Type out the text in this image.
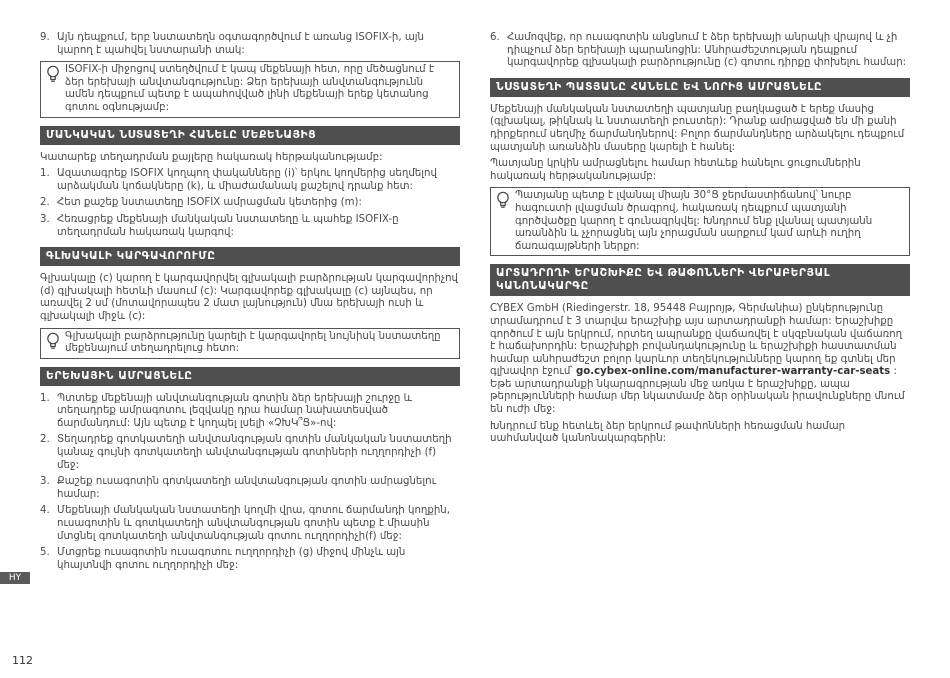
9. Այն դեպքում, երբ նստատեղն օգտագործվում է առանց ISOFIX-ի, այն կարող է պահվել նստարանի տակ:
ISOFIX-ի միջոցով ստեղծվում է կապ մեքենայի հետ, որը մեծացնում է ձեր երեխայի անվտանգությունը: Ձեր երեխայի անվտանգությունն ամեն դեպքում պետք է ապահովված լինի մեքենայի երեք կետանոց գոտու օգնությամբ:
ՄԱՆԿԱԿԱՆ ՆՍՏԱՏԵՂԻ ՀԱՆԵԼԸ ՄԵՔԵՆԱՅԻՑ
Կատարեք տեղադրման քայլերը հակառակ հերթականությամբ:
1. Ազատագրեք ISOFIX կողպող փականները (i)՝ երկու կողմերից սեղմելով արձակման կոճակները (k), և միաժամանակ քաշելով դրանք հետ:
2. Հետ քաշեք նստատեղը ISOFIX ամրացման կետերից (m):
3. Հեռացրեք մեքենայի մանկական նստատեղը և պահեք ISOFIX-ը տեղադրման հակառակ կարգով:
ԳԼԽԱԿԱԼԻ ԿԱՐԳԱՎՈՐՈՒՄԸ
Գլխակալը (c) կարող է կարգավորվել գլխակալի բարձրության կարգավորիչով (d) գլխակալի հետևի մասում (c): Կարգավորեք գլխակալը (c) այնպես, որ առավել 2 սմ (մոտավորապես 2 մատ լայնություն) մնա երեխայի ուսի և գլխակալի միջև (c):
Գլխակալի բարձրությունը կարելի է կարգավորել նույնիսկ նստատեղը մեքենայում տեղադրելուց հետո:
ԵՐԵԽԱՅԻՆ ԱՄՐԱՑՆԵԼԸ
1. Պտտեք մեքենայի անվտանգության գոտին ձեր երեխայի շուրջը և տեղադրեք ամրագոտու լեզվակը դրա համար նախատեսված ճարմանդում: Այն պետք է կողպել լսելի «ՉԽԿ՞Ց»-ով:
2. Տեղադրեք գոտկատեղի անվտանգության գոտին մանկական նստատեղի կանաչ գույնի գոտկատեղի անվտանգության գոտիների ուղղորդիչի (f) մեջ:
3. Քաշեք ուսագոտին գոտկատեղի անվտանգության գոտին ամրացնելու համար:
4. Մեքենայի մանկական նստատեղի կողմի վրա, գոտու ճարմանդի կողքին, ուսագոտին և գոտկատեղի անվտանգության գոտին պետք է միասին մտցնել գոտկատեղի անվտանգության գոտու ուղղորդիչի(f) մեջ:
5. Մտցրեք ուսագոտին ուսագոտու ուղղորդիչի (g) միջով մինչև այն կհայտնվի գոտու ուղղորդիչի մեջ:
6. Համոզվեք, որ ուսագոտին անցնում է ձեր երեխայի անրակի վրայով և չի դիպչում ձեր երեխայի պարանոցին: Անհրաժեշտության դեպքում կարգավորեք գլխակալի բարձրությունը (c) գոտու դիրքը փոխելու համար:
ՆՍՏԱՏԵՂԻ ՊԱՏՅԱՆԸ ՀԱՆԵԼԸ ԵՎ ՆՈՐԻՑ ԱՄՐԱՑՆԵԼԸ
Մեքենայի մանկական նստատեղի պատյանը բաղկացած է երեք մասից (գլխակալ, թիկնակ և նստատեղի բուստեր): Դրանք ամրացված են մի քանի դիրքերում սեղմիչ ճարմանդներով: Բոլոր ճարմանդները արձակելու դեպքում պատյանի առանձին մասերը կարելի է հանել:
Պատյանը կրկին ամրացնելու համար հետևեք հանելու ցուցումներին հակառակ հերթականությամբ:
Պատյանը պետք է լվանալ միայն 30°Ց ջերմաստիճանով՝ նուրբ հագուստի լվացման ծրագրով, հակառակ դեպքում պատյանի գործվածքը կարող է գունազրկվել: Խնդրում ենք լվանալ պատյանն առանձին և չչորացնել այն չորացման սարքում կամ արևի ուղիղ ճառագայթների ներքո:
ԱՐՏԱԴՐՈՂԻ ԵՐԱՇԽԻՔԸ ԵՎ ԹԱՓՈՆՆԵՐԻ ՎԵՐԱԲԵՐՅԱԼ ԿԱՆՈՆԱԿԱՐԳԸ
CYBEX GmbH (Riedingerstr. 18, 95448 Բայրոյթ, Գերմանիա) ընկերությունը տրամադրում է 3 տարվա երաշխիք այս արտադրանքի համար: Երաշխիքը գործում է այն երկրում, որտեղ ապրանքը վաճառվել է սկզբնական վաճառող է հաճախորդին: Երաշխիքի բովանդակությունը և երաշխիքի հաստատման համար անհրաժեշտ բոլոր կարևոր տեղեկությունները կարող եք գտնել մեր գլխավոր էջում՝ go.cybex-online.com/manufacturer-warranty-car-seats : Եթե արտադրանքի նկարագրության մեջ առկա է երաշխիքը, ապա թերությունների համար մեր նկատմամբ ձեր օրինական իրավունքները մնում են ուժի մեջ:
Խնդրում ենք հետևել ձեր երկրում թափոնների հեռացման համար սահմանված կանոնակարգերին:
HY
112
